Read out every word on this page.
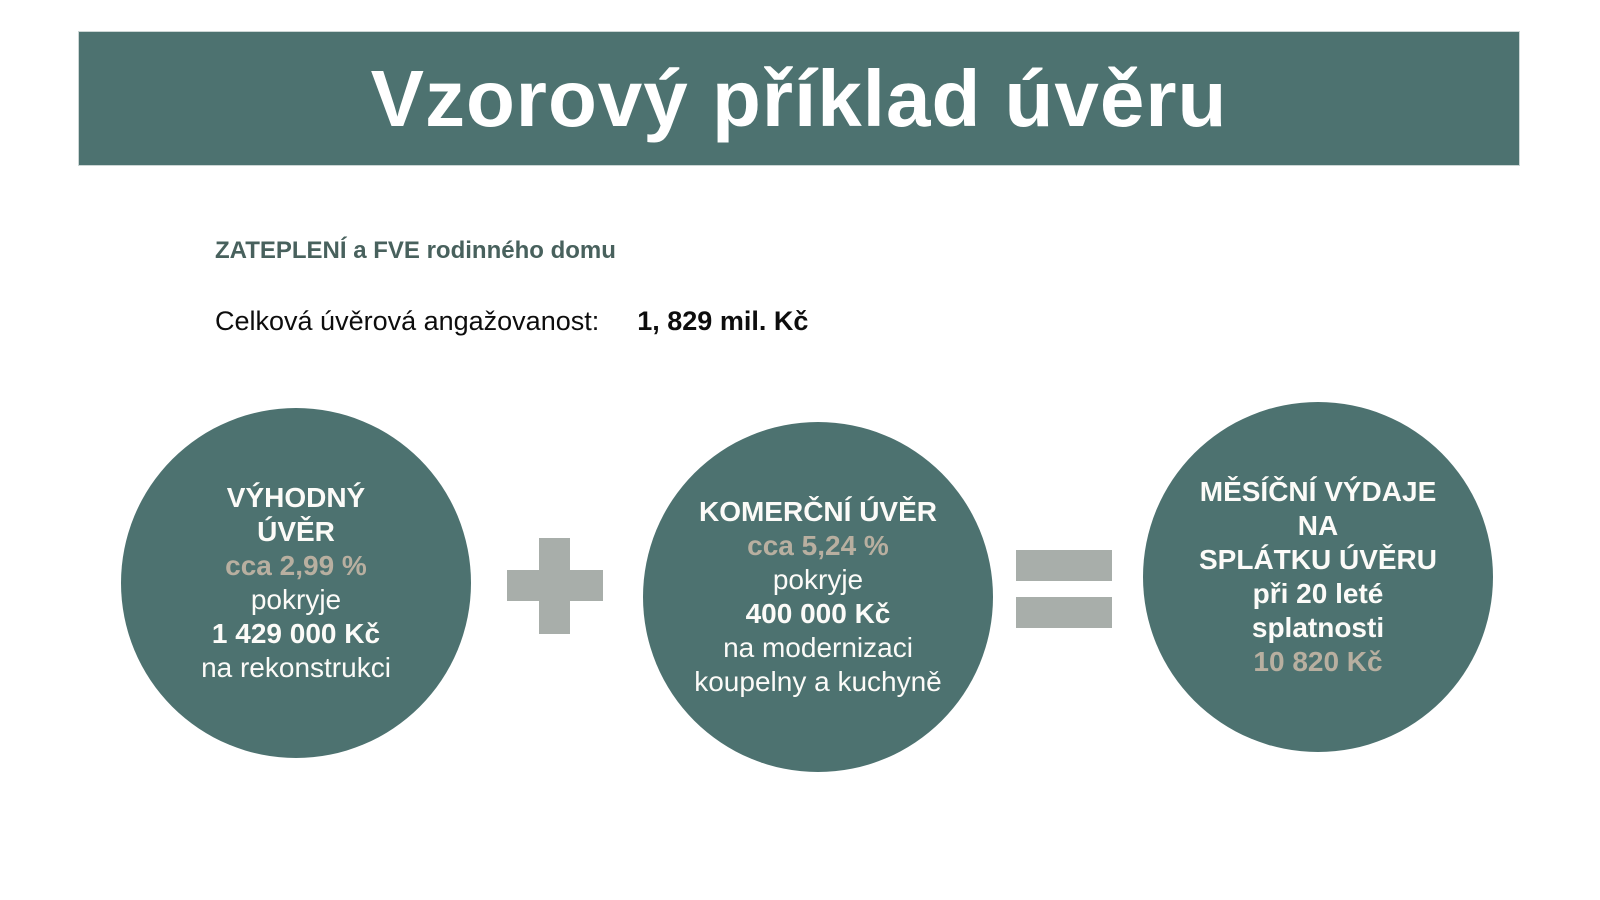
Vzorový příklad úvěru
ZATEPLENÍ a FVE rodinného domu
Celková úvěrová angažovanost: 1, 829 mil. Kč
VÝHODNÝ
ÚVĚR
cca 2,99 %
pokryje
1 429 000 Kč
na rekonstrukci
KOMERČNÍ ÚVĚR
cca 5,24 %
pokryje
400 000 Kč
na modernizaci
koupelny a kuchyně
MĚSÍČNÍ VÝDAJE
NA
SPLÁTKU ÚVĚRU
při 20 leté
splatnosti
10 820 Kč
